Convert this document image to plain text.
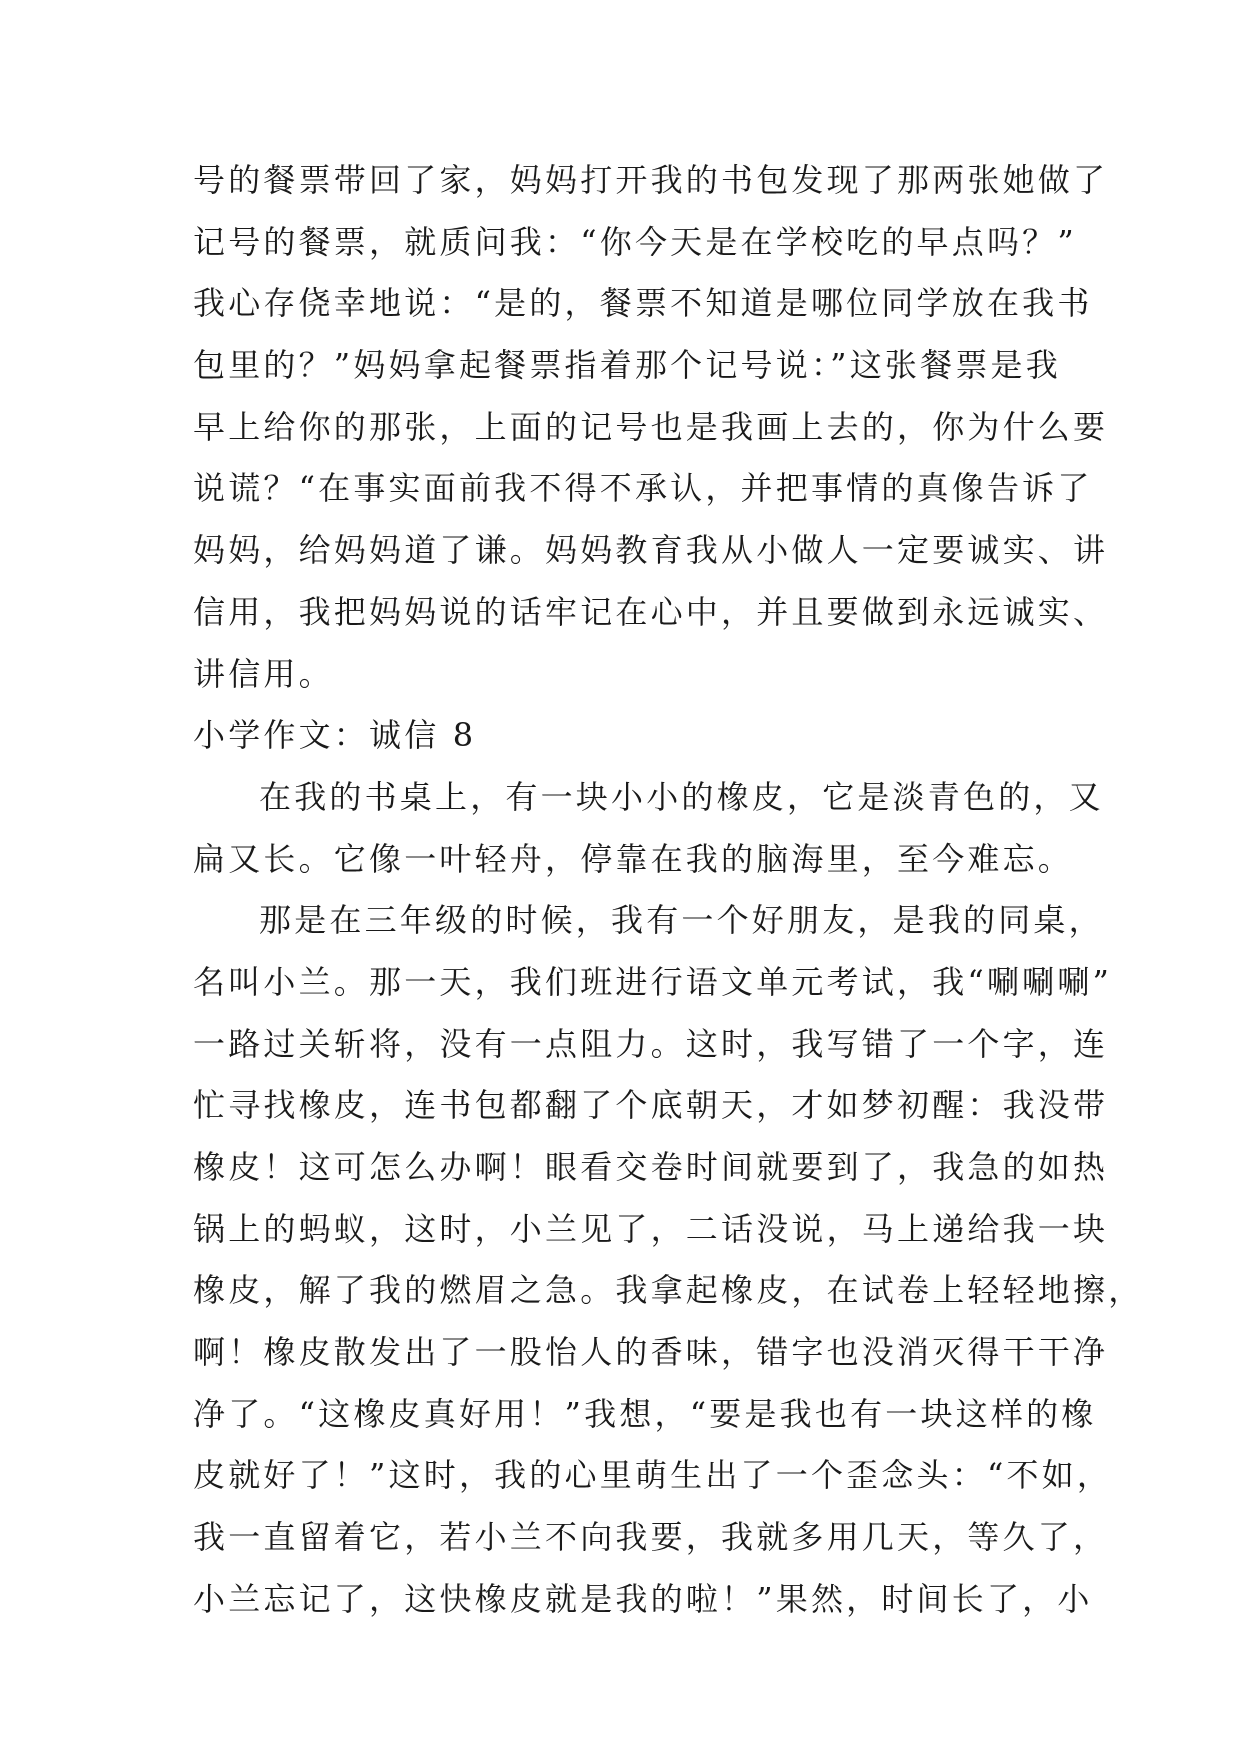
号的餐票带回了家，妈妈打开我的书包发现了那两张她做了
记号的餐票，就质问我：“你今天是在学校吃的早点吗？”
我心存侥幸地说：“是的，餐票不知道是哪位同学放在我书
包里的？”妈妈拿起餐票指着那个记号说：”这张餐票是我
早上给你的那张，上面的记号也是我画上去的，你为什么要
说谎？“在事实面前我不得不承认，并把事情的真像告诉了
妈妈，给妈妈道了谦。妈妈教育我从小做人一定要诚实、讲
信用，我把妈妈说的话牢记在心中，并且要做到永远诚实、
讲信用。
小学作文：诚信 8
在我的书桌上，有一块小小的橡皮，它是淡青色的，又
扁又长。它像一叶轻舟，停靠在我的脑海里，至今难忘。
那是在三年级的时候，我有一个好朋友，是我的同桌，
名叫小兰。那一天，我们班进行语文单元考试，我“唰唰唰”
一路过关斩将，没有一点阻力。这时，我写错了一个字，连
忙寻找橡皮，连书包都翻了个底朝天，才如梦初醒：我没带
橡皮！这可怎么办啊！眼看交卷时间就要到了，我急的如热
锅上的蚂蚁，这时，小兰见了，二话没说，马上递给我一块
橡皮，解了我的燃眉之急。我拿起橡皮，在试卷上轻轻地擦，
啊！橡皮散发出了一股怡人的香味，错字也没消灭得干干净
净了。“这橡皮真好用！”我想，“要是我也有一块这样的橡
皮就好了！”这时，我的心里萌生出了一个歪念头：“不如，
我一直留着它，若小兰不向我要，我就多用几天，等久了，
小兰忘记了，这快橡皮就是我的啦！”果然，时间长了，小
